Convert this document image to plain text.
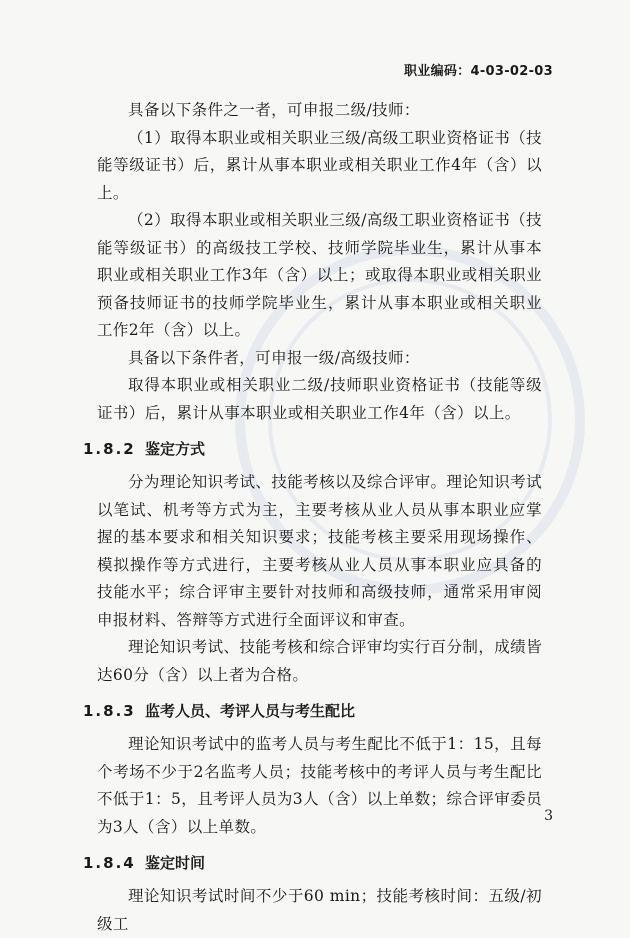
职业编码：4-03-02-03

具备以下条件之一者，可申报二级/技师：

（1）取得本职业或相关职业三级/高级工职业资格证书（技能等级证书）后，累计从事本职业或相关职业工作4年（含）以上。

（2）取得本职业或相关职业三级/高级工职业资格证书（技能等级证书）的高级技工学校、技师学院毕业生，累计从事本职业或相关职业工作3年（含）以上；或取得本职业或相关职业预备技师证书的技师学院毕业生，累计从事本职业或相关职业工作2年（含）以上。

具备以下条件者，可申报一级/高级技师：

取得本职业或相关职业二级/技师职业资格证书（技能等级证书）后，累计从事本职业或相关职业工作4年（含）以上。

1.8.2 鉴定方式

分为理论知识考试、技能考核以及综合评审。理论知识考试以笔试、机考等方式为主，主要考核从业人员从事本职业应掌握的基本要求和相关知识要求；技能考核主要采用现场操作、模拟操作等方式进行，主要考核从业人员从事本职业应具备的技能水平；综合评审主要针对技师和高级技师，通常采用审阅申报材料、答辩等方式进行全面评议和审查。

理论知识考试、技能考核和综合评审均实行百分制，成绩皆达60分（含）以上者为合格。

1.8.3 监考人员、考评人员与考生配比

理论知识考试中的监考人员与考生配比不低于1：15，且每个考场不少于2名监考人员；技能考核中的考评人员与考生配比不低于1：5，且考评人员为3人（含）以上单数；综合评审委员为3人（含）以上单数。

1.8.4 鉴定时间

理论知识考试时间不少于60 min；技能考核时间：五级/初级工

3
